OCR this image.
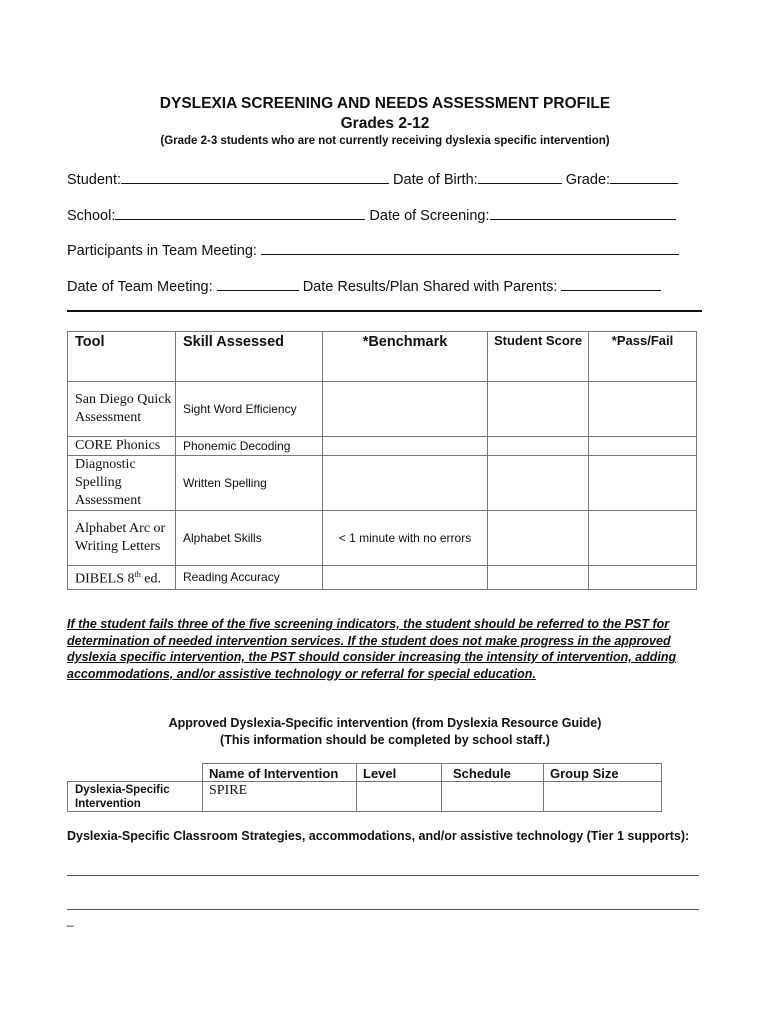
DYSLEXIA SCREENING AND NEEDS ASSESSMENT PROFILE
Grades 2-12
(Grade 2-3 students who are not currently receiving dyslexia specific intervention)
Student:	Date of Birth:	Grade:
School:	Date of Screening:
Participants in Team Meeting:
Date of Team Meeting:	Date Results/Plan Shared with Parents:
Tool	Skill Assessed	*Benchmark	Student Score	*Pass/Fail
San Diego Quick Assessment	Sight Word Efficiency			
CORE Phonics	Phonemic Decoding			
Diagnostic Spelling Assessment	Written Spelling			
Alphabet Arc or Writing Letters	Alphabet Skills	< 1 minute with no errors		
DIBELS 8th ed.	Reading Accuracy			
If the student fails three of the five screening indicators, the student should be referred to the PST for determination of needed intervention services. If the student does not make progress in the approved dyslexia specific intervention, the PST should consider increasing the intensity of intervention, adding accommodations, and/or assistive technology or referral for special education.
Approved Dyslexia-Specific intervention (from Dyslexia Resource Guide)
(This information should be completed by school staff.)
	Name of Intervention	Level	Schedule	Group Size
Dyslexia-Specific Intervention	SPIRE			
Dyslexia-Specific Classroom Strategies, accommodations, and/or assistive technology (Tier 1 supports):
_
